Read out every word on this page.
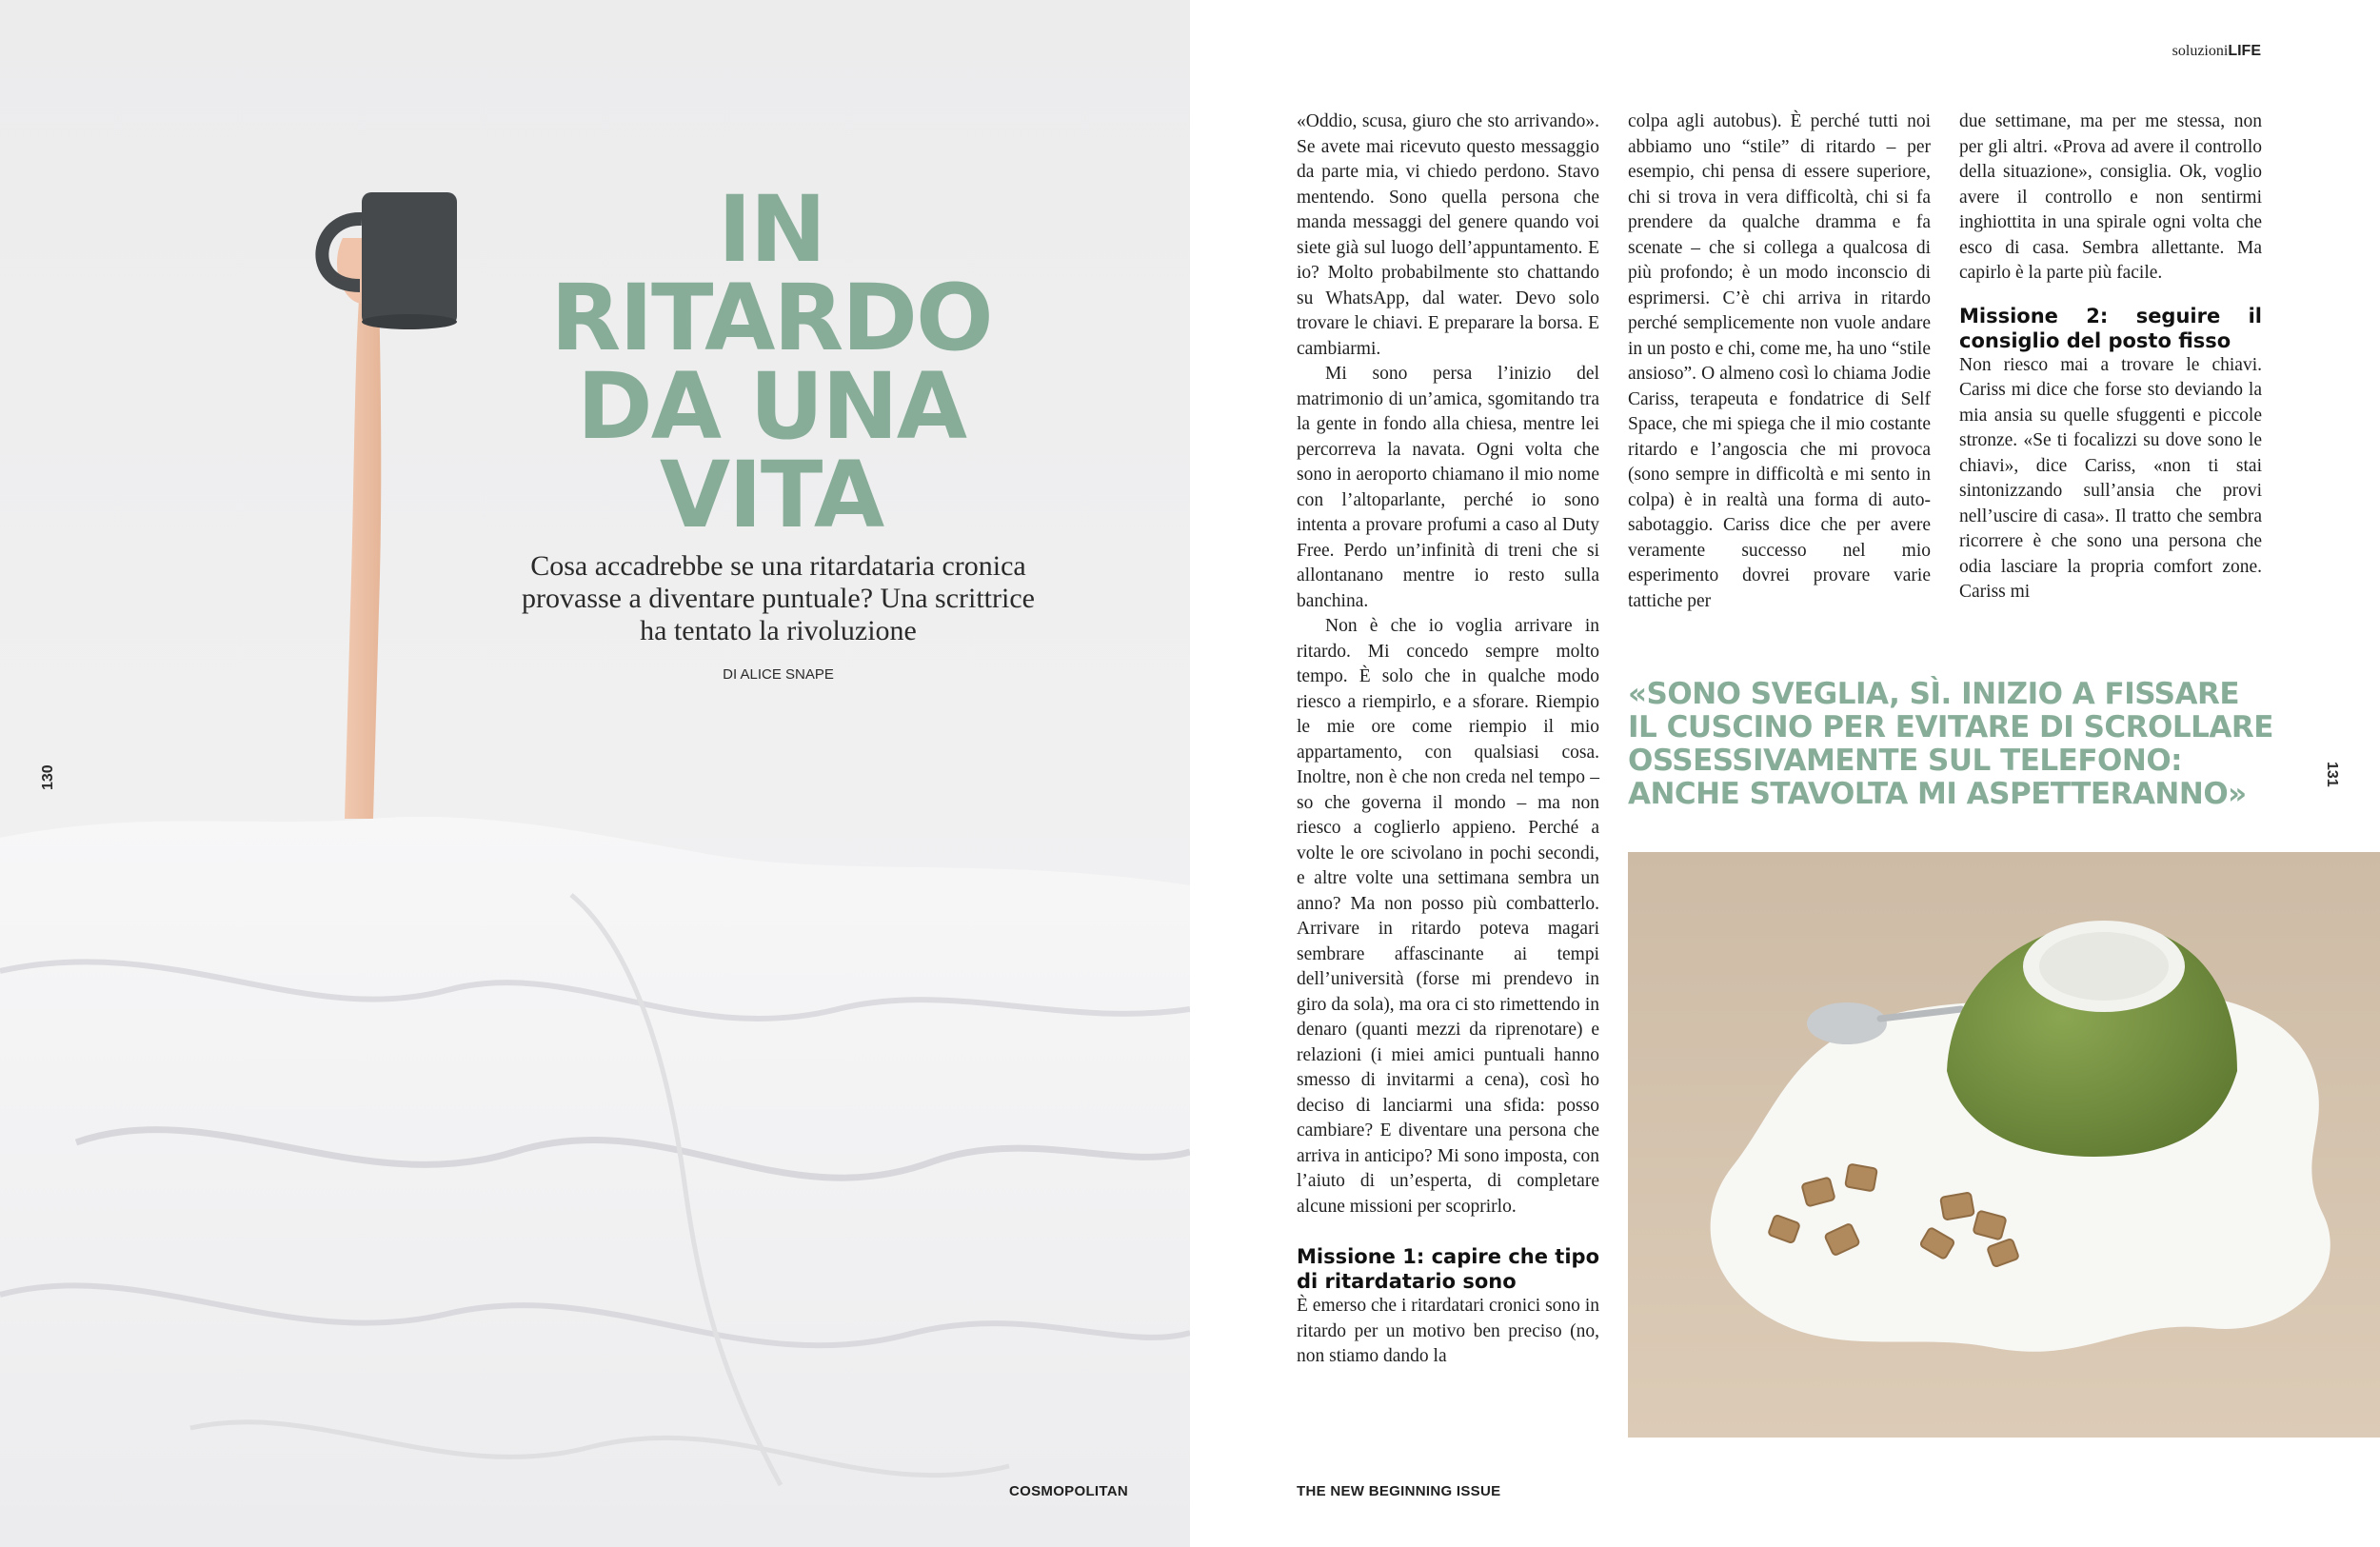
IN
RITARDO
DA UNA
VITA

Cosa accadrebbe se una ritardataria cronica provasse a diventare puntuale? Una scrittrice ha tentato la rivoluzione

DI ALICE SNAPE
130
COSMOPOLITAN
soluzioniLIFE

«Oddio, scusa, giuro che sto arrivando». Se avete mai ricevuto questo messaggio da parte mia, vi chiedo perdono. Stavo mentendo. Sono quella persona che manda messaggi del genere quando voi siete già sul luogo dell’appuntamento. E io? Molto probabilmente sto chattando su WhatsApp, dal water. Devo solo trovare le chiavi. E preparare la borsa. E cambiarmi.

Mi sono persa l’inizio del matrimonio di un’amica, sgomitando tra la gente in fondo alla chiesa, mentre lei percorreva la navata. Ogni volta che sono in aeroporto chiamano il mio nome con l’altoparlante, perché io sono intenta a provare profumi a caso al Duty Free. Perdo un’infinità di treni che si allontanano mentre io resto sulla banchina.

Non è che io voglia arrivare in ritardo. Mi concedo sempre molto tempo. È solo che in qualche modo riesco a riempirlo, e a sforare. Riempio le mie ore come riempio il mio appartamento, con qualsiasi cosa. Inoltre, non è che non creda nel tempo – so che governa il mondo – ma non riesco a coglierlo appieno. Perché a volte le ore scivolano in pochi secondi, e altre volte una settimana sembra un anno? Ma non posso più combatterlo. Arrivare in ritardo poteva magari sembrare affascinante ai tempi dell’università (forse mi prendevo in giro da sola), ma ora ci sto rimettendo in denaro (quanti mezzi da riprenotare) e relazioni (i miei amici puntuali hanno smesso di invitarmi a cena), così ho deciso di lanciarmi una sfida: posso cambiare? E diventare una persona che arriva in anticipo? Mi sono imposta, con l’aiuto di un’esperta, di completare alcune missioni per scoprirlo.

Missione 1: capire che tipo di ritardatario sono

È emerso che i ritardatari cronici sono in ritardo per un motivo ben preciso (no, non stiamo dando la

colpa agli autobus). È perché tutti noi abbiamo uno “stile” di ritardo – per esempio, chi pensa di essere superiore, chi si trova in vera difficoltà, chi si fa prendere da qualche dramma e fa scenate – che si collega a qualcosa di più profondo; è un modo inconscio di esprimersi. C’è chi arriva in ritardo perché semplicemente non vuole andare in un posto e chi, come me, ha uno “stile ansioso”. O almeno così lo chiama Jodie Cariss, terapeuta e fondatrice di Self Space, che mi spiega che il mio costante ritardo e l’angoscia che mi provoca (sono sempre in difficoltà e mi sento in colpa) è in realtà una forma di auto-sabotaggio. Cariss dice che per avere veramente successo nel mio esperimento dovrei provare varie tattiche per

due settimane, ma per me stessa, non per gli altri. «Prova ad avere il controllo della situazione», consiglia. Ok, voglio avere il controllo e non sentirmi inghiottita in una spirale ogni volta che esco di casa. Sembra allettante. Ma capirlo è la parte più facile.

Missione 2: seguire il consiglio del posto fisso

Non riesco mai a trovare le chiavi. Cariss mi dice che forse sto deviando la mia ansia su quelle sfuggenti e piccole stronze. «Se ti focalizzi su dove sono le chiavi», dice Cariss, «non ti stai sintonizzando sull’ansia che provi nell’uscire di casa». Il tratto che sembra ricorrere è che sono una persona che odia lasciare la propria comfort zone. Cariss mi

«SONO SVEGLIA, SÌ. INIZIO A FISSARE IL CUSCINO PER EVITARE DI SCROLLARE OSSESSIVAMENTE SUL TELEFONO: ANCHE STAVOLTA MI ASPETTERANNO»

131
THE NEW BEGINNING ISSUE
